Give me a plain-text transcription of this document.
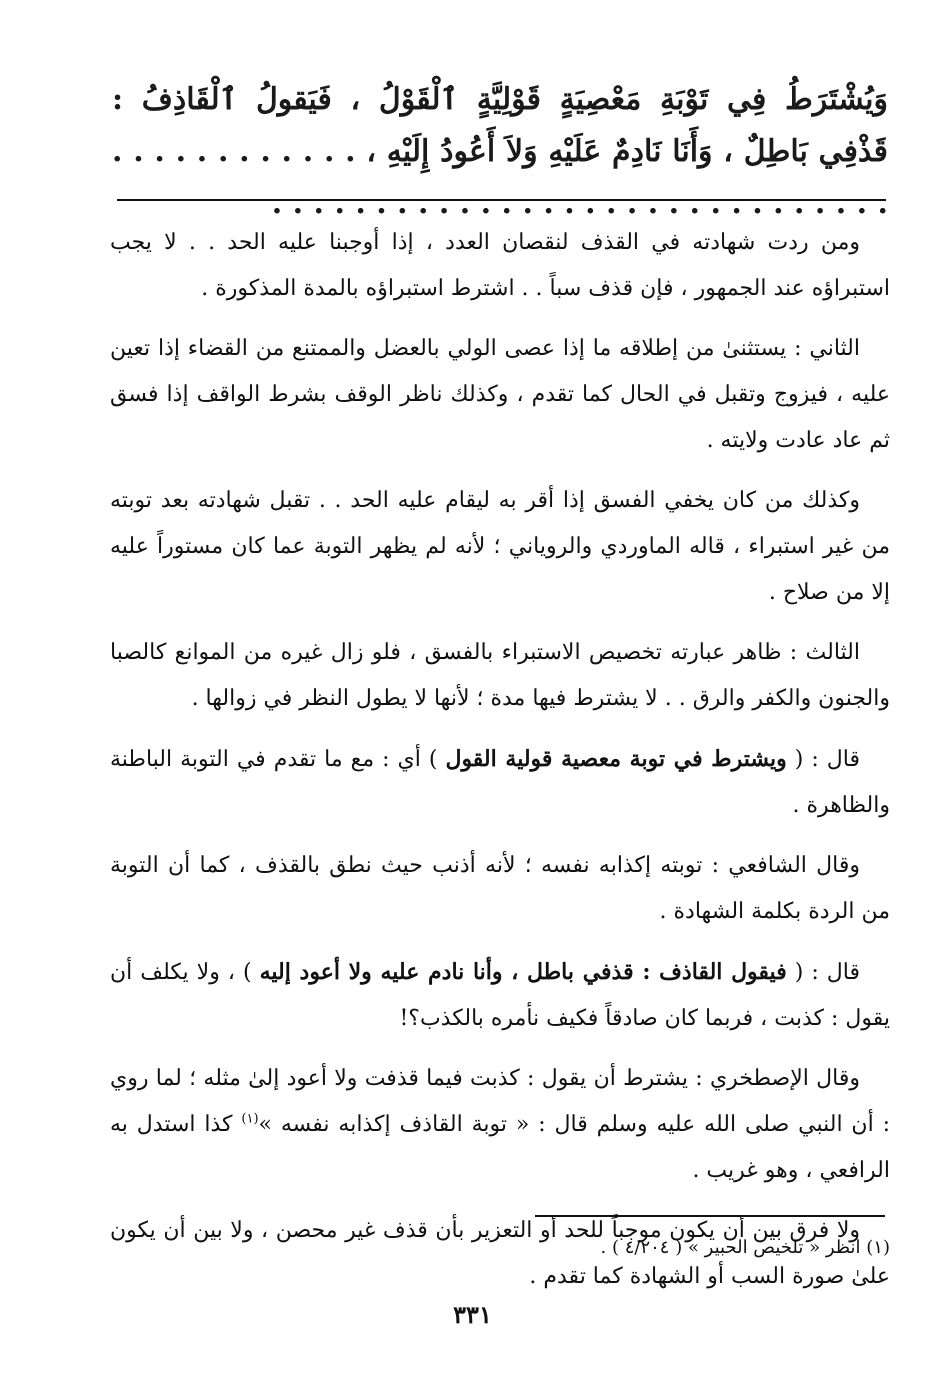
وَيُشْتَرَطُ فِي تَوْبَةِ مَعْصِيَةٍ قَوْلِيَّةٍ ٱلْقَوْلُ ، فَيَقولُ ٱلْقَاذِفُ : قَذْفِي بَاطِلٌ ، وَأَنَا نَادِمٌ عَلَيْهِ وَلاَ أَعُودُ إِلَيْهِ ، . . . . . . . . . . . . . . . . . . . . . . . . . . . . . . . . . . . . . . . . . .

ومن ردت شهادته في القذف لنقصان العدد ، إذا أوجبنا عليه الحد . . لا يجب استبراؤه عند الجمهور ، فإن قذف سباً . . اشترط استبراؤه بالمدة المذكورة .

الثاني : يستثنىٰ من إطلاقه ما إذا عصى الولي بالعضل والممتنع من القضاء إذا تعين عليه ، فيزوج وتقبل في الحال كما تقدم ، وكذلك ناظر الوقف بشرط الواقف إذا فسق ثم عاد عادت ولايته .

وكذلك من كان يخفي الفسق إذا أقر به ليقام عليه الحد . . تقبل شهادته بعد توبته من غير استبراء ، قاله الماوردي والروياني ؛ لأنه لم يظهر التوبة عما كان مستوراً عليه إلا من صلاح .

الثالث : ظاهر عبارته تخصيص الاستبراء بالفسق ، فلو زال غيره من الموانع كالصبا والجنون والكفر والرق . . لا يشترط فيها مدة ؛ لأنها لا يطول النظر في زوالها .

قال : ( ويشترط في توبة معصية قولية القول ) أي : مع ما تقدم في التوبة الباطنة والظاهرة .

وقال الشافعي : توبته إكذابه نفسه ؛ لأنه أذنب حيث نطق بالقذف ، كما أن التوبة من الردة بكلمة الشهادة .

قال : ( فيقول القاذف : قذفي باطل ، وأنا نادم عليه ولا أعود إليه ) ، ولا يكلف أن يقول : كذبت ، فربما كان صادقاً فكيف نأمره بالكذب؟!

وقال الإصطخري : يشترط أن يقول : كذبت فيما قذفت ولا أعود إلىٰ مثله ؛ لما روي : أن النبي صلى الله عليه وسلم قال : « توبة القاذف إكذابه نفسه »$^{(١)}$ كذا استدل به الرافعي ، وهو غريب .

ولا فرق بين أن يكون موجباً للحد أو التعزير بأن قذف غير محصن ، ولا بين أن يكون علىٰ صورة السب أو الشهادة كما تقدم .

(١) انظر « تلخيص الحبير » ( ٤/٢٠٤ ) .
٣٣١
